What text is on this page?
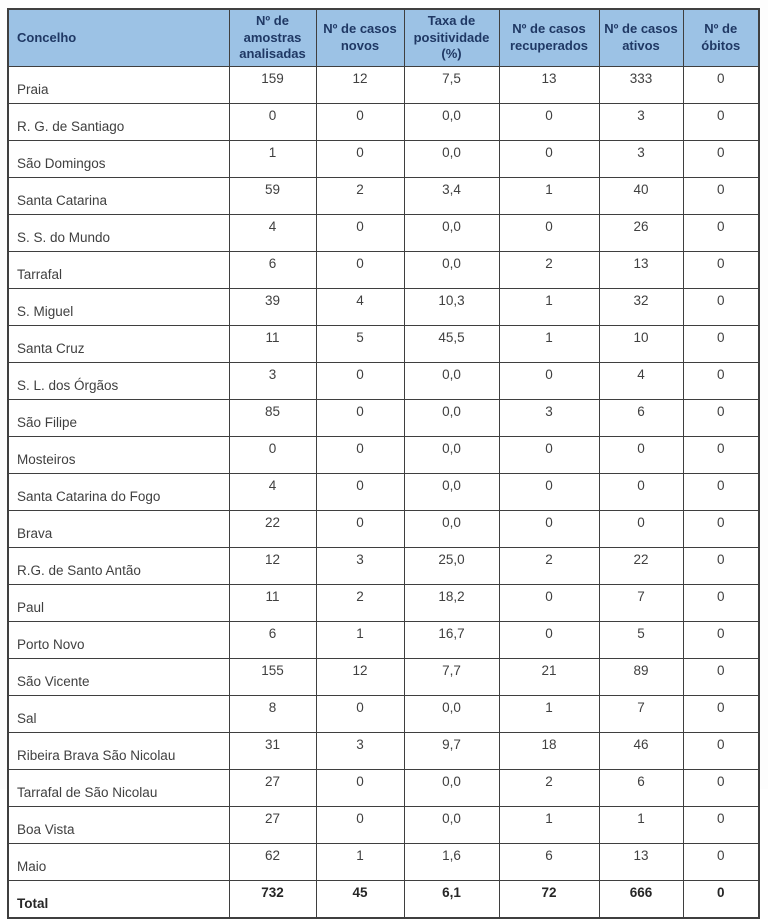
Concelho	Nº de amostras analisadas	Nº de casos novos	Taxa de positividade (%)	Nº de casos recuperados	Nº de casos ativos	Nº de óbitos
Praia	159	12	7,5	13	333	0
R. G. de Santiago	0	0	0,0	0	3	0
São Domingos	1	0	0,0	0	3	0
Santa Catarina	59	2	3,4	1	40	0
S. S. do Mundo	4	0	0,0	0	26	0
Tarrafal	6	0	0,0	2	13	0
S. Miguel	39	4	10,3	1	32	0
Santa Cruz	11	5	45,5	1	10	0
S. L. dos Órgãos	3	0	0,0	0	4	0
São Filipe	85	0	0,0	3	6	0
Mosteiros	0	0	0,0	0	0	0
Santa Catarina do Fogo	4	0	0,0	0	0	0
Brava	22	0	0,0	0	0	0
R.G. de Santo Antão	12	3	25,0	2	22	0
Paul	11	2	18,2	0	7	0
Porto Novo	6	1	16,7	0	5	0
São Vicente	155	12	7,7	21	89	0
Sal	8	0	0,0	1	7	0
Ribeira Brava São Nicolau	31	3	9,7	18	46	0
Tarrafal de São Nicolau	27	0	0,0	2	6	0
Boa Vista	27	0	0,0	1	1	0
Maio	62	1	1,6	6	13	0
Total	732	45	6,1	72	666	0
